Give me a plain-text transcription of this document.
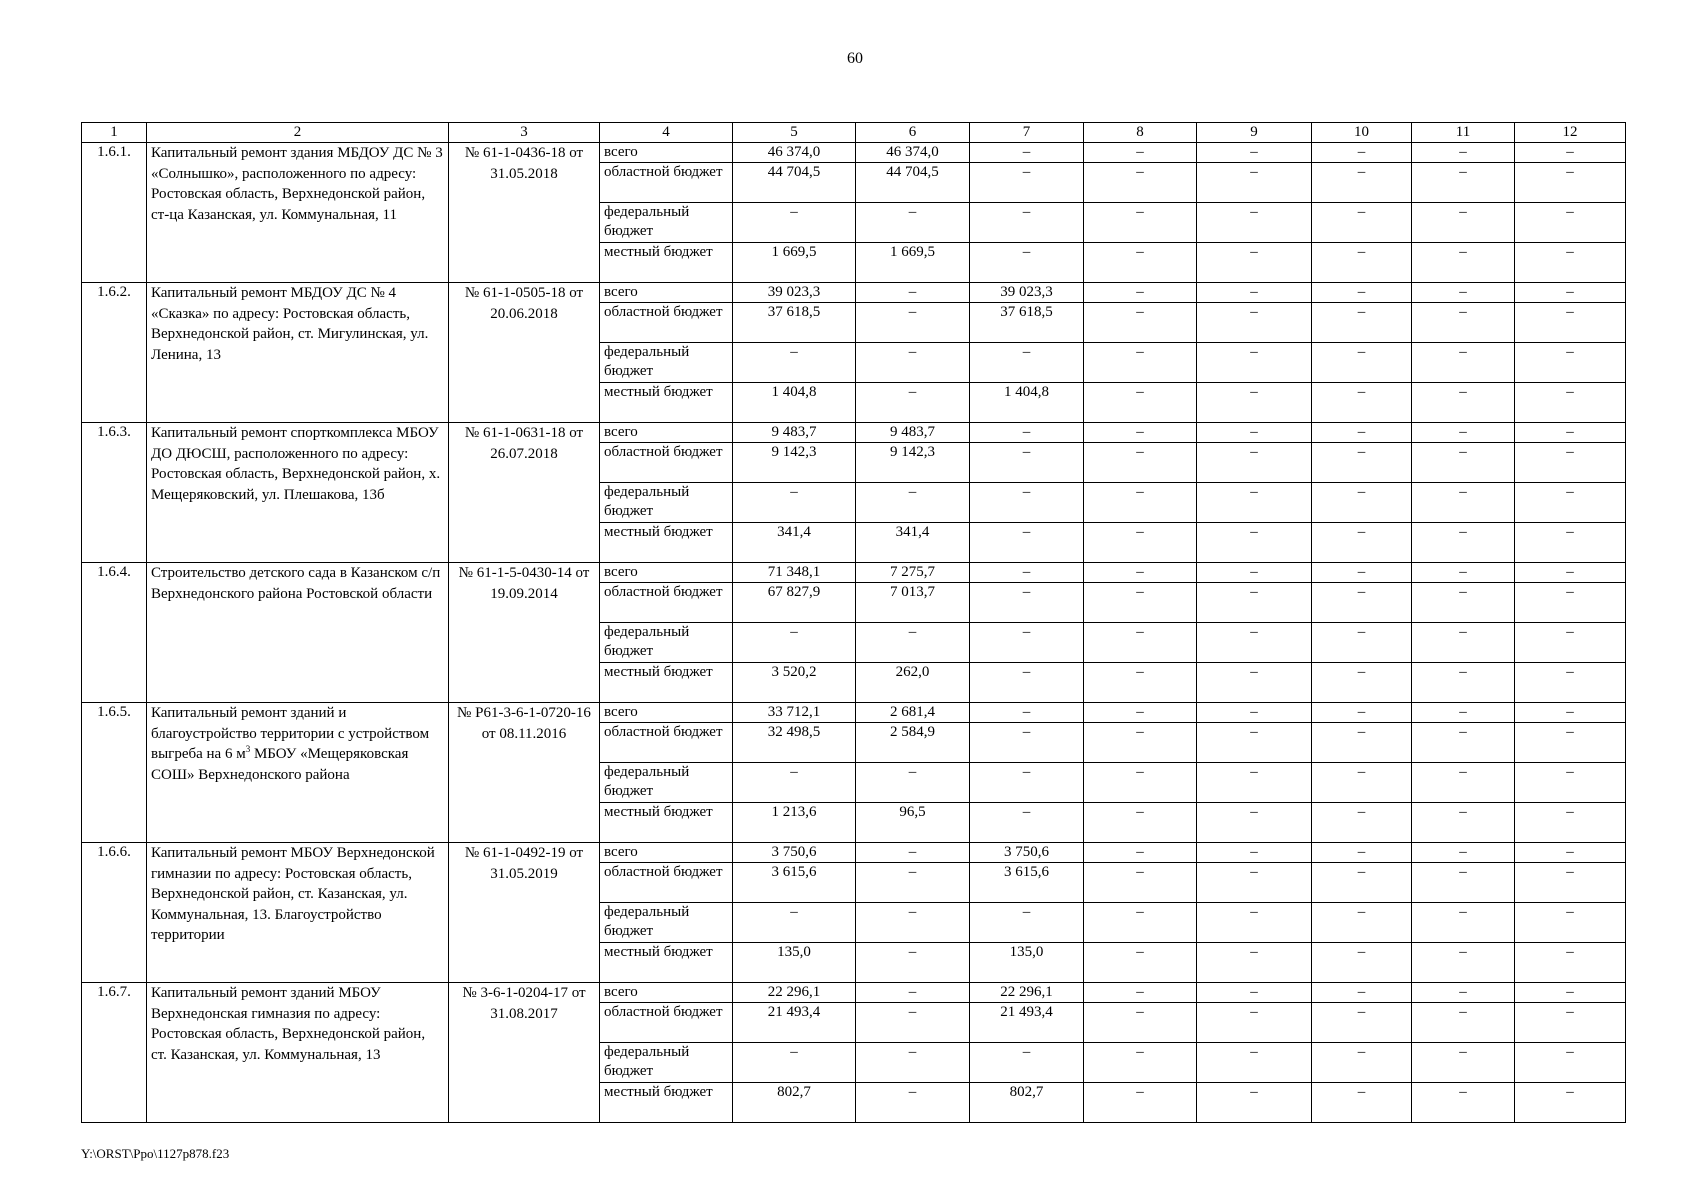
60
1	2	3	4	5	6	7	8	9	10	11	12
1.6.1.	Капитальный ремонт здания МБДОУ ДС № 3 «Солнышко», расположенного по адресу: Ростовская область, Верхнедонской район, ст-ца Казанская, ул. Коммунальная, 11	№ 61-1-0436-18 от 31.05.2018	всего	46 374,0	46 374,0	–	–	–	–	–	–
			областной бюджет	44 704,5	44 704,5	–	–	–	–	–	–
			федеральный бюджет	–	–	–	–	–	–	–	–
			местный бюджет	1 669,5	1 669,5	–	–	–	–	–	–
1.6.2.	Капитальный ремонт МБДОУ ДС № 4 «Сказка» по адресу: Ростовская область, Верхнедонской район, ст. Мигулинская, ул. Ленина, 13	№ 61-1-0505-18 от 20.06.2018	всего	39 023,3	–	39 023,3	–	–	–	–	–
			областной бюджет	37 618,5	–	37 618,5	–	–	–	–	–
			федеральный бюджет	–	–	–	–	–	–	–	–
			местный бюджет	1 404,8	–	1 404,8	–	–	–	–	–
1.6.3.	Капитальный ремонт спорткомплекса МБОУ ДО ДЮСШ, расположенного по адресу: Ростовская область, Верхнедонской район, х. Мещеряковский, ул. Плешакова, 13б	№ 61-1-0631-18 от 26.07.2018	всего	9 483,7	9 483,7	–	–	–	–	–	–
			областной бюджет	9 142,3	9 142,3	–	–	–	–	–	–
			федеральный бюджет	–	–	–	–	–	–	–	–
			местный бюджет	341,4	341,4	–	–	–	–	–	–
1.6.4.	Строительство детского сада в Казанском с/п Верхнедонского района Ростовской области	№ 61-1-5-0430-14 от 19.09.2014	всего	71 348,1	7 275,7	–	–	–	–	–	–
			областной бюджет	67 827,9	7 013,7	–	–	–	–	–	–
			федеральный бюджет	–	–	–	–	–	–	–	–
			местный бюджет	3 520,2	262,0	–	–	–	–	–	–
1.6.5.	Капитальный ремонт зданий и благоустройство территории с устройством выгреба на 6 $м^3$ МБОУ «Мещеряковская СОШ» Верхнедонского района	№ Р61-3-6-1-0720-16 от 08.11.2016	всего	33 712,1	2 681,4	–	–	–	–	–	–
			областной бюджет	32 498,5	2 584,9	–	–	–	–	–	–
			федеральный бюджет	–	–	–	–	–	–	–	–
			местный бюджет	1 213,6	96,5	–	–	–	–	–	–
1.6.6.	Капитальный ремонт МБОУ Верхнедонской гимназии по адресу: Ростовская область, Верхнедонской район, ст. Казанская, ул. Коммунальная, 13. Благоустройство территории	№ 61-1-0492-19 от 31.05.2019	всего	3 750,6	–	3 750,6	–	–	–	–	–
			областной бюджет	3 615,6	–	3 615,6	–	–	–	–	–
			федеральный бюджет	–	–	–	–	–	–	–	–
			местный бюджет	135,0	–	135,0	–	–	–	–	–
1.6.7.	Капитальный ремонт зданий МБОУ Верхнедонская гимназия по адресу: Ростовская область, Верхнедонской район, ст. Казанская, ул. Коммунальная, 13	№ 3-6-1-0204-17 от 31.08.2017	всего	22 296,1	–	22 296,1	–	–	–	–	–
			областной бюджет	21 493,4	–	21 493,4	–	–	–	–	–
			федеральный бюджет	–	–	–	–	–	–	–	–
			местный бюджет	802,7	–	802,7	–	–	–	–	–
Y:\ORST\Ppo\1127p878.f23
